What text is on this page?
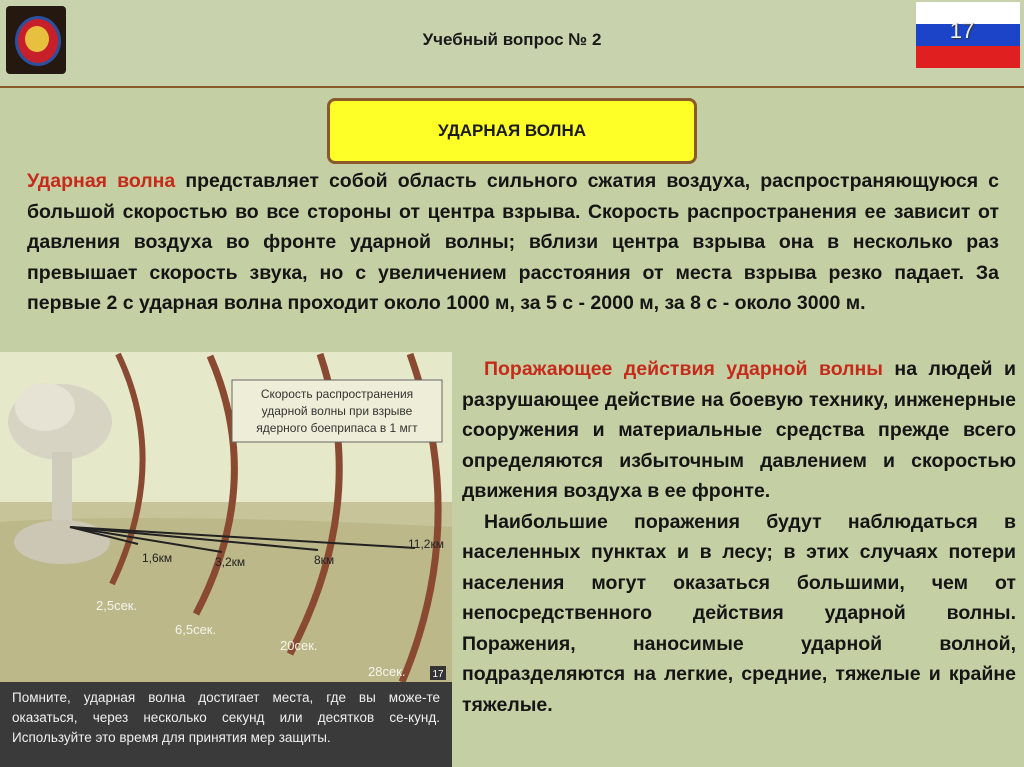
Учебный вопрос № 2	17
УДАРНАЯ ВОЛНА
Ударная волна представляет собой область сильного сжатия воздуха, распространяющуюся с большой скоростью во все стороны от центра взрыва. Скорость распространения ее зависит от давления воздуха во фронте ударной волны; вблизи центра взрыва она в несколько раз превышает скорость звука, но с увеличением расстояния от места взрыва резко падает. За первые 2 с ударная волна проходит около 1000 м, за 5 с - 2000 м, за 8 с - около 3000 м.
Скорость распространения
ударной волны при взрыве
ядерного боеприпаса в 1 мгт
1,6км	3,2км	8км
11,2км
2,5сек.
6,5сек.
20сек.
28сек.	17
Помните, ударная волна достигает места, где вы може-те оказаться, через несколько секунд или десятков се-кунд. Используйте это время для принятия мер защиты.

Поражающее действия ударной волны на людей и разрушающее действие на боевую технику, инженерные сооружения и материальные средства прежде всего определяются избыточным давлением и скоростью движения воздуха в ее фронте.

Наибольшие поражения будут наблюдаться в населенных пунктах и в лесу; в этих случаях потери населения могут оказаться большими, чем от непосредственного действия ударной волны. Поражения, наносимые ударной волной, подразделяются на легкие, средние, тяжелые и крайне тяжелые.
